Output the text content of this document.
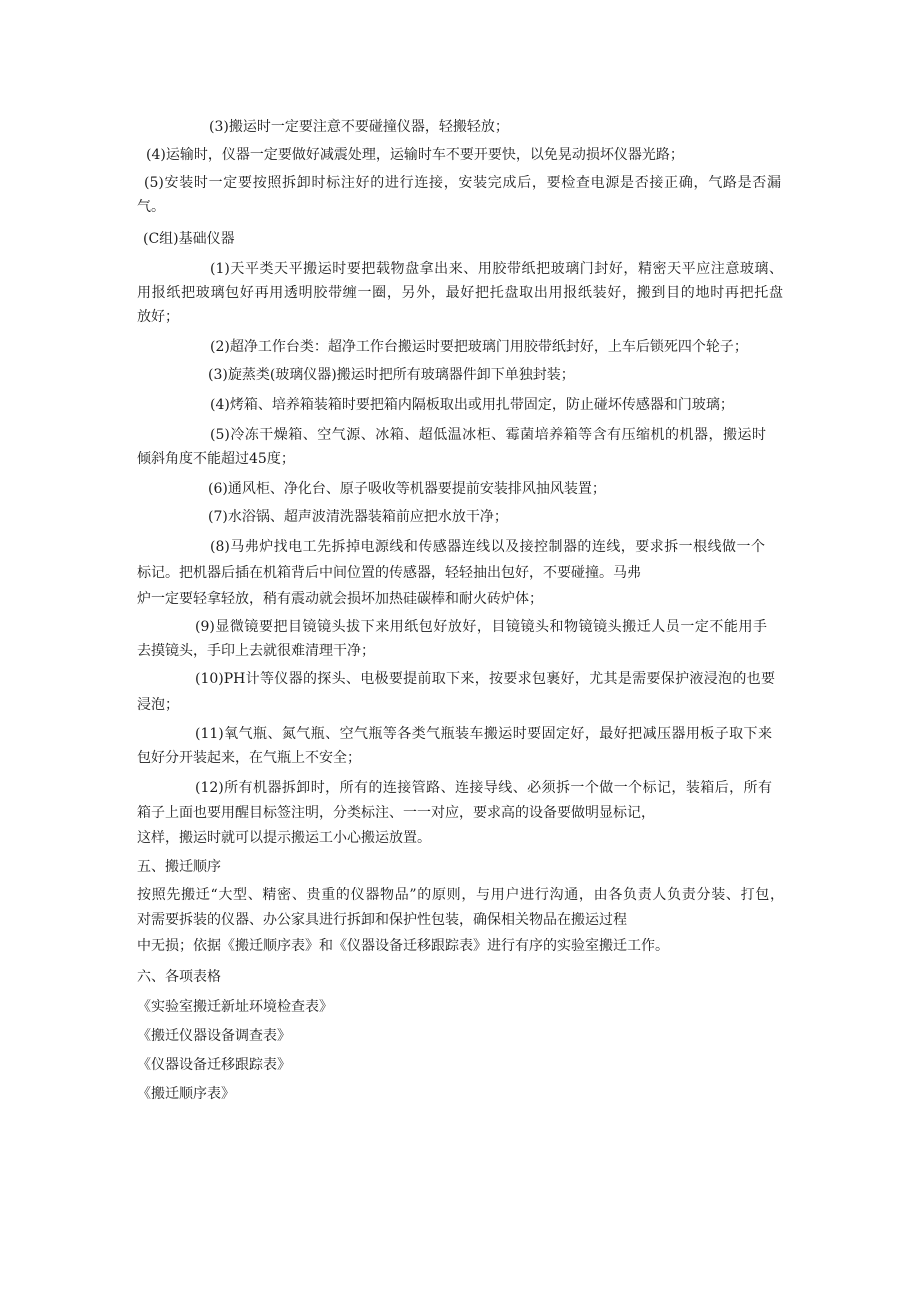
(3)搬运时一定要注意不要碰撞仪器，轻搬轻放；
(4)运输时，仪器一定要做好减震处理，运输时车不要开要快，以免晃动损坏仪器光路；
(5)安装时一定要按照拆卸时标注好的进行连接，安装完成后，要检查电源是否接正确，气路是否漏
气。
(C组)基础仪器
(1)天平类天平搬运时要把载物盘拿出来、用胶带纸把玻璃门封好，精密天平应注意玻璃、
用报纸把玻璃包好再用透明胶带缠一圈，另外，最好把托盘取出用报纸装好，搬到目的地时再把托盘
放好；
(2)超净工作台类：超净工作台搬运时要把玻璃门用胶带纸封好，上车后锁死四个轮子；
(3)旋蒸类(玻璃仪器)搬运时把所有玻璃器件卸下单独封装；
(4)烤箱、培养箱装箱时要把箱内隔板取出或用扎带固定，防止碰坏传感器和门玻璃；
(5)冷冻干燥箱、空气源、冰箱、超低温冰柜、霉菌培养箱等含有压缩机的机器，搬运时
倾斜角度不能超过45度；
(6)通风柜、净化台、原子吸收等机器要提前安装排风抽风装置；
(7)水浴锅、超声波清洗器装箱前应把水放干净；
(8)马弗炉找电工先拆掉电源线和传感器连线以及接控制器的连线，要求拆一根线做一个
标记。把机器后插在机箱背后中间位置的传感器，轻轻抽出包好，不要碰撞。马弗
炉一定要轻拿轻放，稍有震动就会损坏加热硅碳棒和耐火砖炉体；
(9)显微镜要把目镜镜头拔下来用纸包好放好，目镜镜头和物镜镜头搬迁人员一定不能用手
去摸镜头，手印上去就很难清理干净；
(10)PH计等仪器的探头、电极要提前取下来，按要求包裹好，尤其是需要保护液浸泡的也要
浸泡；
(11)氧气瓶、氮气瓶、空气瓶等各类气瓶装车搬运时要固定好，最好把减压器用板子取下来
包好分开装起来，在气瓶上不安全；
(12)所有机器拆卸时，所有的连接管路、连接导线、必须拆一个做一个标记，装箱后，所有
箱子上面也要用醒目标签注明，分类标注、一一对应，要求高的设备要做明显标记，
这样，搬运时就可以提示搬运工小心搬运放置。
五、搬迁顺序
按照先搬迁“大型、精密、贵重的仪器物品”的原则，与用户进行沟通，由各负责人负责分装、打包，
对需要拆装的仪器、办公家具进行拆卸和保护性包装，确保相关物品在搬运过程
中无损；依据《搬迁顺序表》和《仪器设备迁移跟踪表》进行有序的实验室搬迁工作。
六、各项表格
《实验室搬迁新址环境检查表》
《搬迁仪器设备调查表》
《仪器设备迁移跟踪表》
《搬迁顺序表》
